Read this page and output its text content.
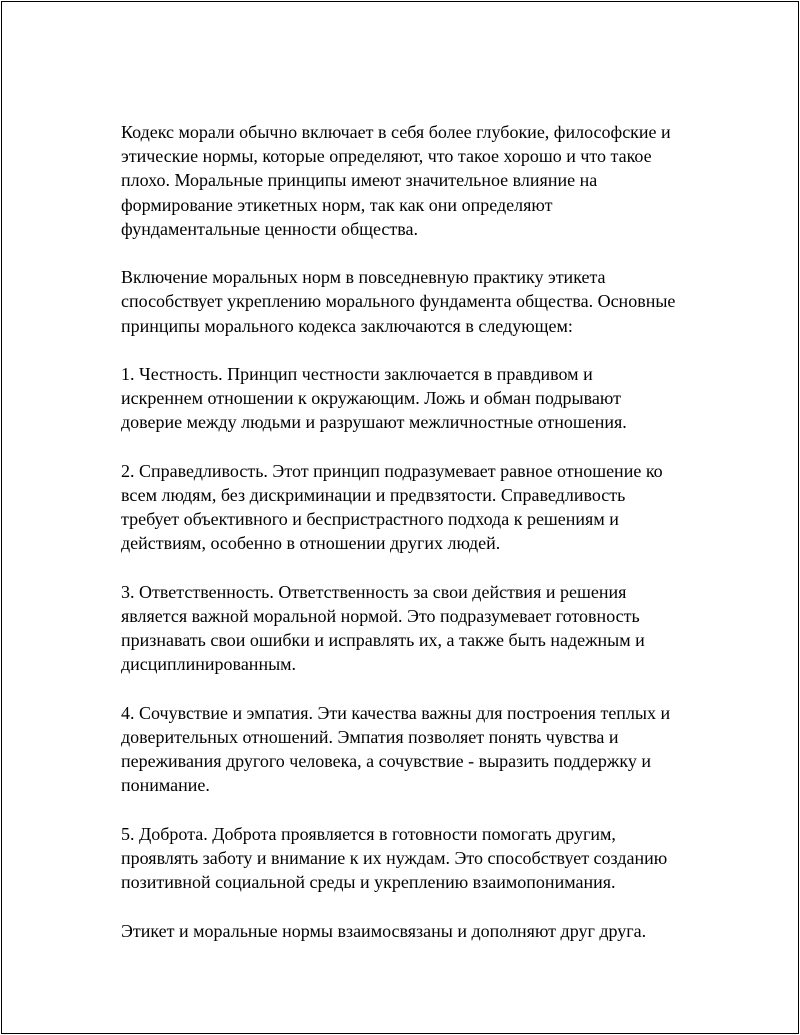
Кодекс морали обычно включает в себя более глубокие, философские и
этические нормы, которые определяют, что такое хорошо и что такое
плохо. Моральные принципы имеют значительное влияние на
формирование этикетных норм, так как они определяют
фундаментальные ценности общества.

Включение моральных норм в повседневную практику этикета
способствует укреплению морального фундамента общества. Основные
принципы морального кодекса заключаются в следующем:

1. Честность. Принцип честности заключается в правдивом и
искреннем отношении к окружающим. Ложь и обман подрывают
доверие между людьми и разрушают межличностные отношения.

2. Справедливость. Этот принцип подразумевает равное отношение ко
всем людям, без дискриминации и предвзятости. Справедливость
требует объективного и беспристрастного подхода к решениям и
действиям, особенно в отношении других людей.

3. Ответственность. Ответственность за свои действия и решения
является важной моральной нормой. Это подразумевает готовность
признавать свои ошибки и исправлять их, а также быть надежным и
дисциплинированным.

4. Сочувствие и эмпатия. Эти качества важны для построения теплых и
доверительных отношений. Эмпатия позволяет понять чувства и
переживания другого человека, а сочувствие - выразить поддержку и
понимание.

5. Доброта. Доброта проявляется в готовности помогать другим,
проявлять заботу и внимание к их нуждам. Это способствует созданию
позитивной социальной среды и укреплению взаимопонимания.

Этикет и моральные нормы взаимосвязаны и дополняют друг друга.
